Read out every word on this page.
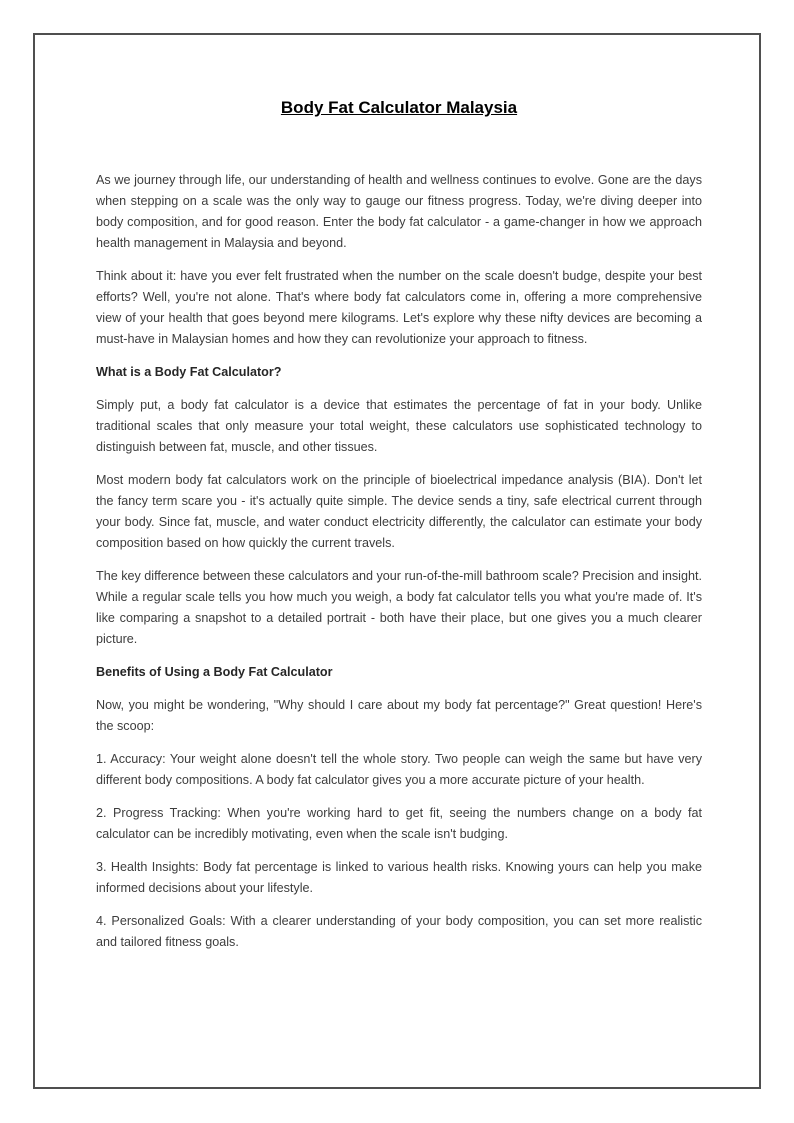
Body Fat Calculator Malaysia

As we journey through life, our understanding of health and wellness continues to evolve. Gone are the days when stepping on a scale was the only way to gauge our fitness progress. Today, we're diving deeper into body composition, and for good reason. Enter the body fat calculator - a game-changer in how we approach health management in Malaysia and beyond.

Think about it: have you ever felt frustrated when the number on the scale doesn't budge, despite your best efforts? Well, you're not alone. That's where body fat calculators come in, offering a more comprehensive view of your health that goes beyond mere kilograms. Let's explore why these nifty devices are becoming a must-have in Malaysian homes and how they can revolutionize your approach to fitness.

What is a Body Fat Calculator?

Simply put, a body fat calculator is a device that estimates the percentage of fat in your body. Unlike traditional scales that only measure your total weight, these calculators use sophisticated technology to distinguish between fat, muscle, and other tissues.

Most modern body fat calculators work on the principle of bioelectrical impedance analysis (BIA). Don't let the fancy term scare you - it's actually quite simple. The device sends a tiny, safe electrical current through your body. Since fat, muscle, and water conduct electricity differently, the calculator can estimate your body composition based on how quickly the current travels.

The key difference between these calculators and your run-of-the-mill bathroom scale? Precision and insight. While a regular scale tells you how much you weigh, a body fat calculator tells you what you're made of. It's like comparing a snapshot to a detailed portrait - both have their place, but one gives you a much clearer picture.

Benefits of Using a Body Fat Calculator

Now, you might be wondering, "Why should I care about my body fat percentage?" Great question! Here's the scoop:

1. Accuracy: Your weight alone doesn't tell the whole story. Two people can weigh the same but have very different body compositions. A body fat calculator gives you a more accurate picture of your health.

2. Progress Tracking: When you're working hard to get fit, seeing the numbers change on a body fat calculator can be incredibly motivating, even when the scale isn't budging.

3. Health Insights: Body fat percentage is linked to various health risks. Knowing yours can help you make informed decisions about your lifestyle.

4. Personalized Goals: With a clearer understanding of your body composition, you can set more realistic and tailored fitness goals.
